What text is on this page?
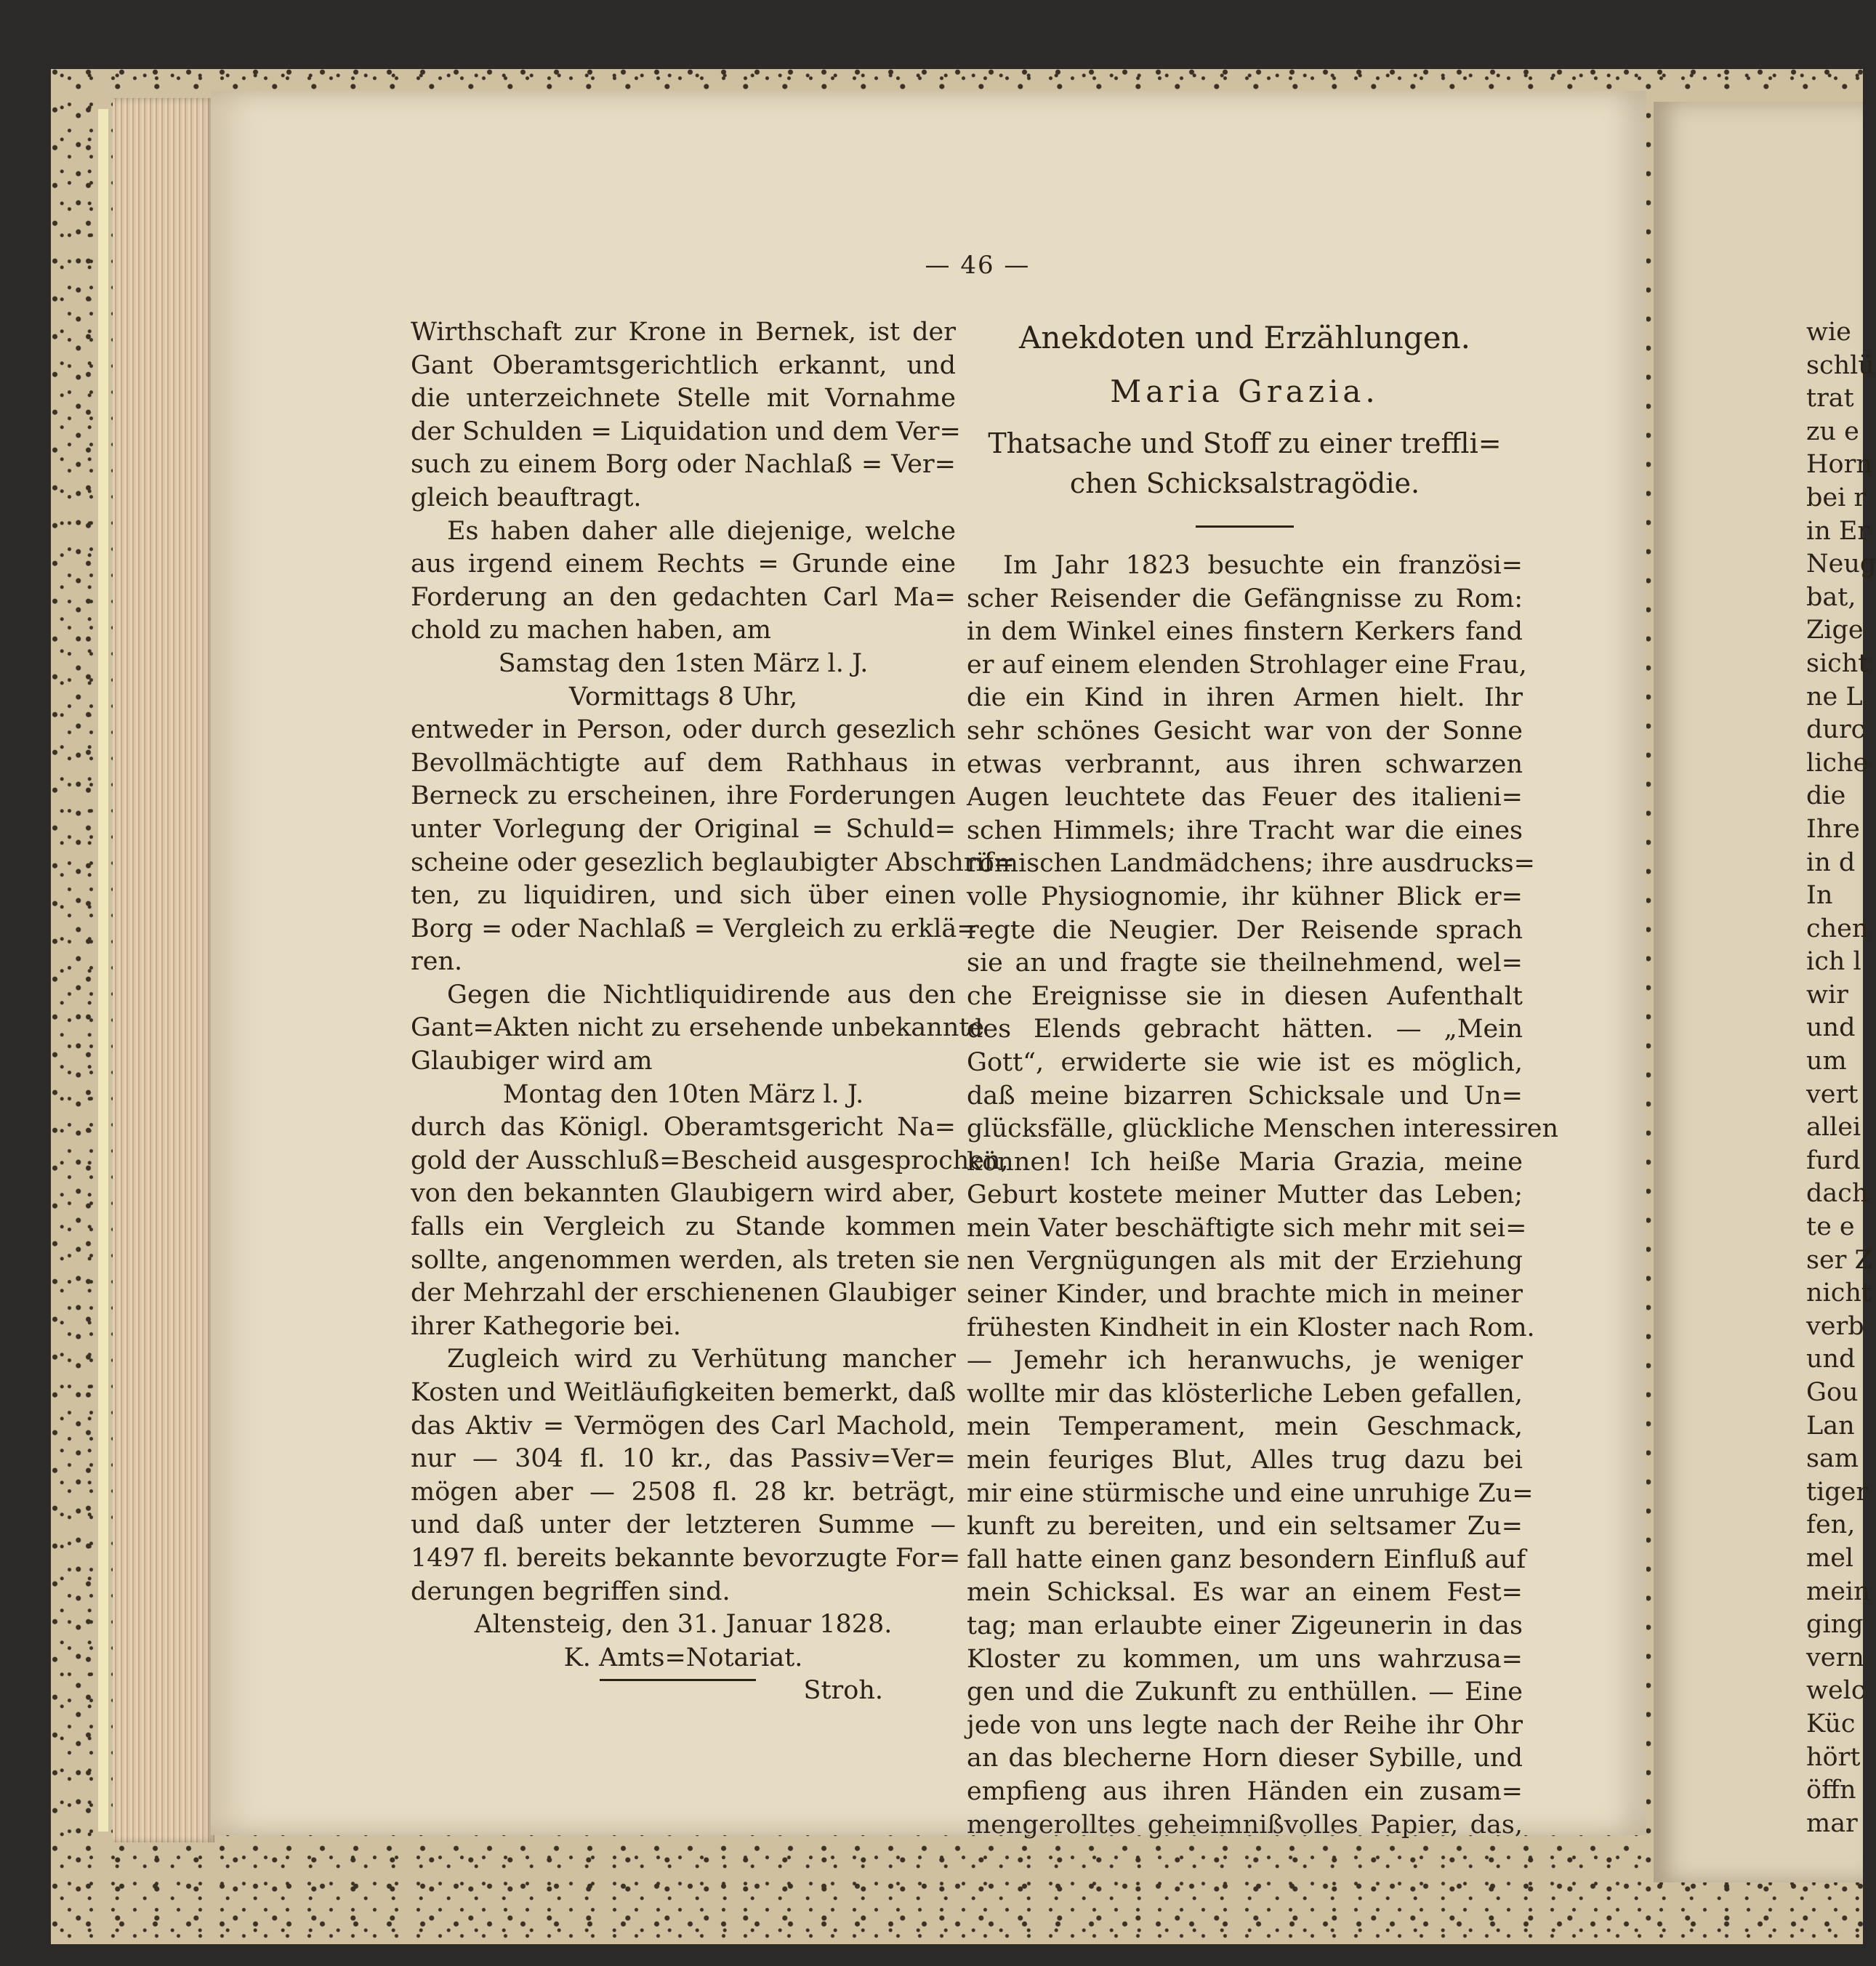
— 46 —
Wirthschaft zur Krone in Bernek, ist der
Gant Oberamtsgerichtlich erkannt, und
die unterzeichnete Stelle mit Vornahme
der Schulden = Liquidation und dem Ver=
such zu einem Borg oder Nachlaß = Ver=
gleich beauftragt.
Es haben daher alle diejenige, welche
aus irgend einem Rechts = Grunde eine
Forderung an den gedachten Carl Ma=
chold zu machen haben, am
Samstag den 1sten März l. J.
Vormittags 8 Uhr,
entweder in Person, oder durch gesezlich
Bevollmächtigte auf dem Rathhaus in
Berneck zu erscheinen, ihre Forderungen
unter Vorlegung der Original = Schuld=
scheine oder gesezlich beglaubigter Abschrif=
ten, zu liquidiren, und sich über einen
Borg = oder Nachlaß = Vergleich zu erklä=
ren.
Gegen die Nichtliquidirende aus den
Gant=Akten nicht zu ersehende unbekannte
Glaubiger wird am
Montag den 10ten März l. J.
durch das Königl. Oberamtsgericht Na=
gold der Ausschluß=Bescheid ausgesprochen,
von den bekannten Glaubigern wird aber,
falls ein Vergleich zu Stande kommen
sollte, angenommen werden, als treten sie
der Mehrzahl der erschienenen Glaubiger
ihrer Kathegorie bei.
Zugleich wird zu Verhütung mancher
Kosten und Weitläufigkeiten bemerkt, daß
das Aktiv = Vermögen des Carl Machold,
nur — 304 fl. 10 kr., das Passiv=Ver=
mögen aber — 2508 fl. 28 kr. beträgt,
und daß unter der letzteren Summe —
1497 fl. bereits bekannte bevorzugte For=
derungen begriffen sind.
Altensteig, den 31. Januar 1828.
K. Amts=Notariat.
Stroh.
Anekdoten und Erzählungen.
Maria Grazia.
Thatsache und Stoff zu einer treffli=
chen Schicksalstragödie.
Im Jahr 1823 besuchte ein französi=
scher Reisender die Gefängnisse zu Rom:
in dem Winkel eines finstern Kerkers fand
er auf einem elenden Strohlager eine Frau,
die ein Kind in ihren Armen hielt. Ihr
sehr schönes Gesicht war von der Sonne
etwas verbrannt, aus ihren schwarzen
Augen leuchtete das Feuer des italieni=
schen Himmels; ihre Tracht war die eines
römischen Landmädchens; ihre ausdrucks=
volle Physiognomie, ihr kühner Blick er=
regte die Neugier. Der Reisende sprach
sie an und fragte sie theilnehmend, wel=
che Ereignisse sie in diesen Aufenthalt
des Elends gebracht hätten. — „Mein
Gott“, erwiderte sie wie ist es möglich,
daß meine bizarren Schicksale und Un=
glücksfälle, glückliche Menschen interessiren
können! Ich heiße Maria Grazia, meine
Geburt kostete meiner Mutter das Leben;
mein Vater beschäftigte sich mehr mit sei=
nen Vergnügungen als mit der Erziehung
seiner Kinder, und brachte mich in meiner
frühesten Kindheit in ein Kloster nach Rom.
— Jemehr ich heranwuchs, je weniger
wollte mir das klösterliche Leben gefallen,
mein Temperament, mein Geschmack,
mein feuriges Blut, Alles trug dazu bei
mir eine stürmische und eine unruhige Zu=
kunft zu bereiten, und ein seltsamer Zu=
fall hatte einen ganz besondern Einfluß auf
mein Schicksal. Es war an einem Fest=
tag; man erlaubte einer Zigeunerin in das
Kloster zu kommen, um uns wahrzusa=
gen und die Zukunft zu enthüllen. — Eine
jede von uns legte nach der Reihe ihr Ohr
an das blecherne Horn dieser Sybille, und
empfieng aus ihren Händen ein zusam=
mengerolltes geheimnißvolles Papier, das,
wie
schlü
trat
zu e
Horn
bei r
in Er
Neug
bat,
Zige
sicht
ne L
durc
liche
die
Ihre
in d
In
chen
ich l
wir
und
um
vert
allei
furd
dach
te e
ser Z
nicht
verb
und
Gou
Lan
sam
tiger
fen,
mel
mein
ging
vern
welc
Küc
hört
öffn
mar
